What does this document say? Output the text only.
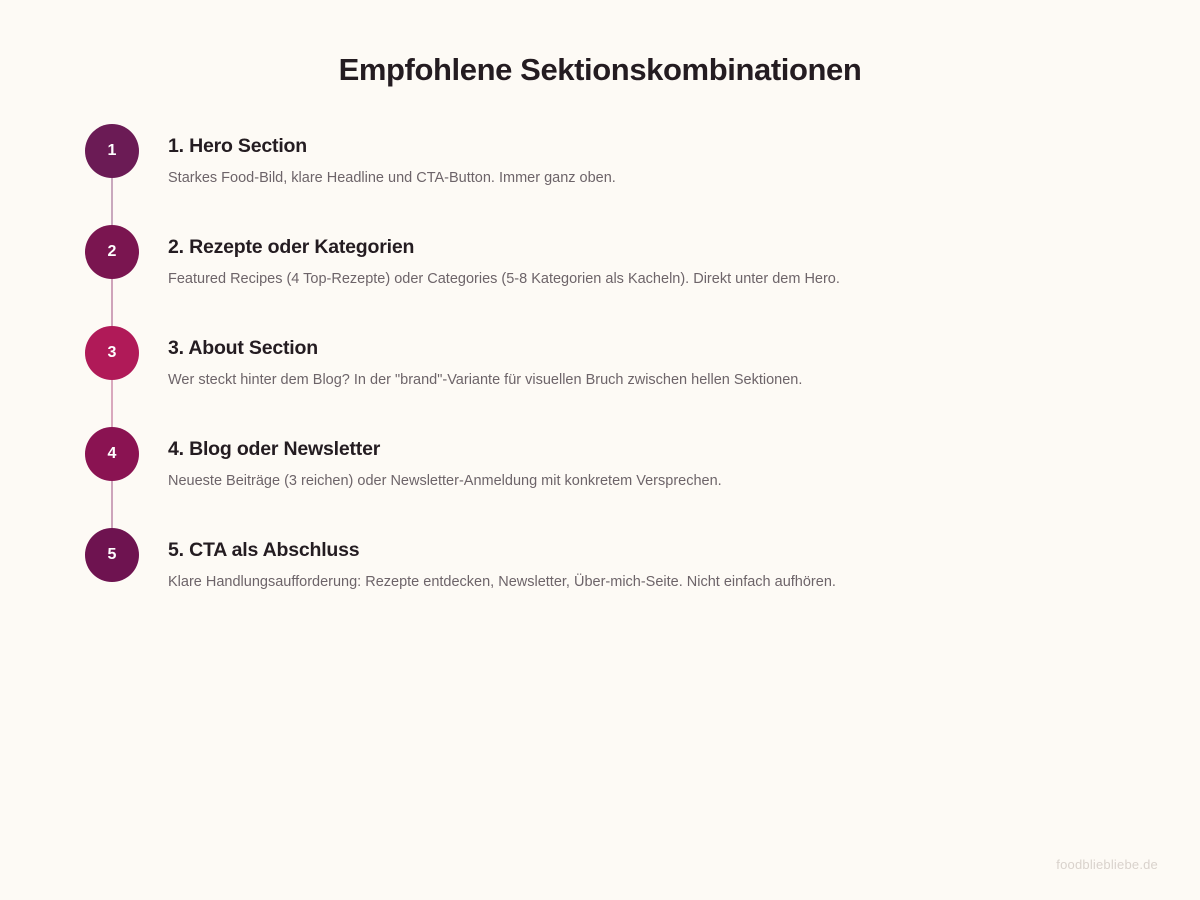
Empfohlene Sektionskombinationen
1	1. Hero Section

Starkes Food-Bild, klare Headline und CTA-Button. Immer ganz oben.

2	2. Rezepte oder Kategorien

Featured Recipes (4 Top-Rezepte) oder Categories (5-8 Kategorien als Kacheln). Direkt unter dem Hero.

3	3. About Section

Wer steckt hinter dem Blog? In der "brand"-Variante für visuellen Bruch zwischen hellen Sektionen.

4	4. Blog oder Newsletter

Neueste Beiträge (3 reichen) oder Newsletter-Anmeldung mit konkretem Versprechen.

5	5. CTA als Abschluss

Klare Handlungsaufforderung: Rezepte entdecken, Newsletter, Über-mich-Seite. Nicht einfach aufhören.

foodbliebliebe.de
